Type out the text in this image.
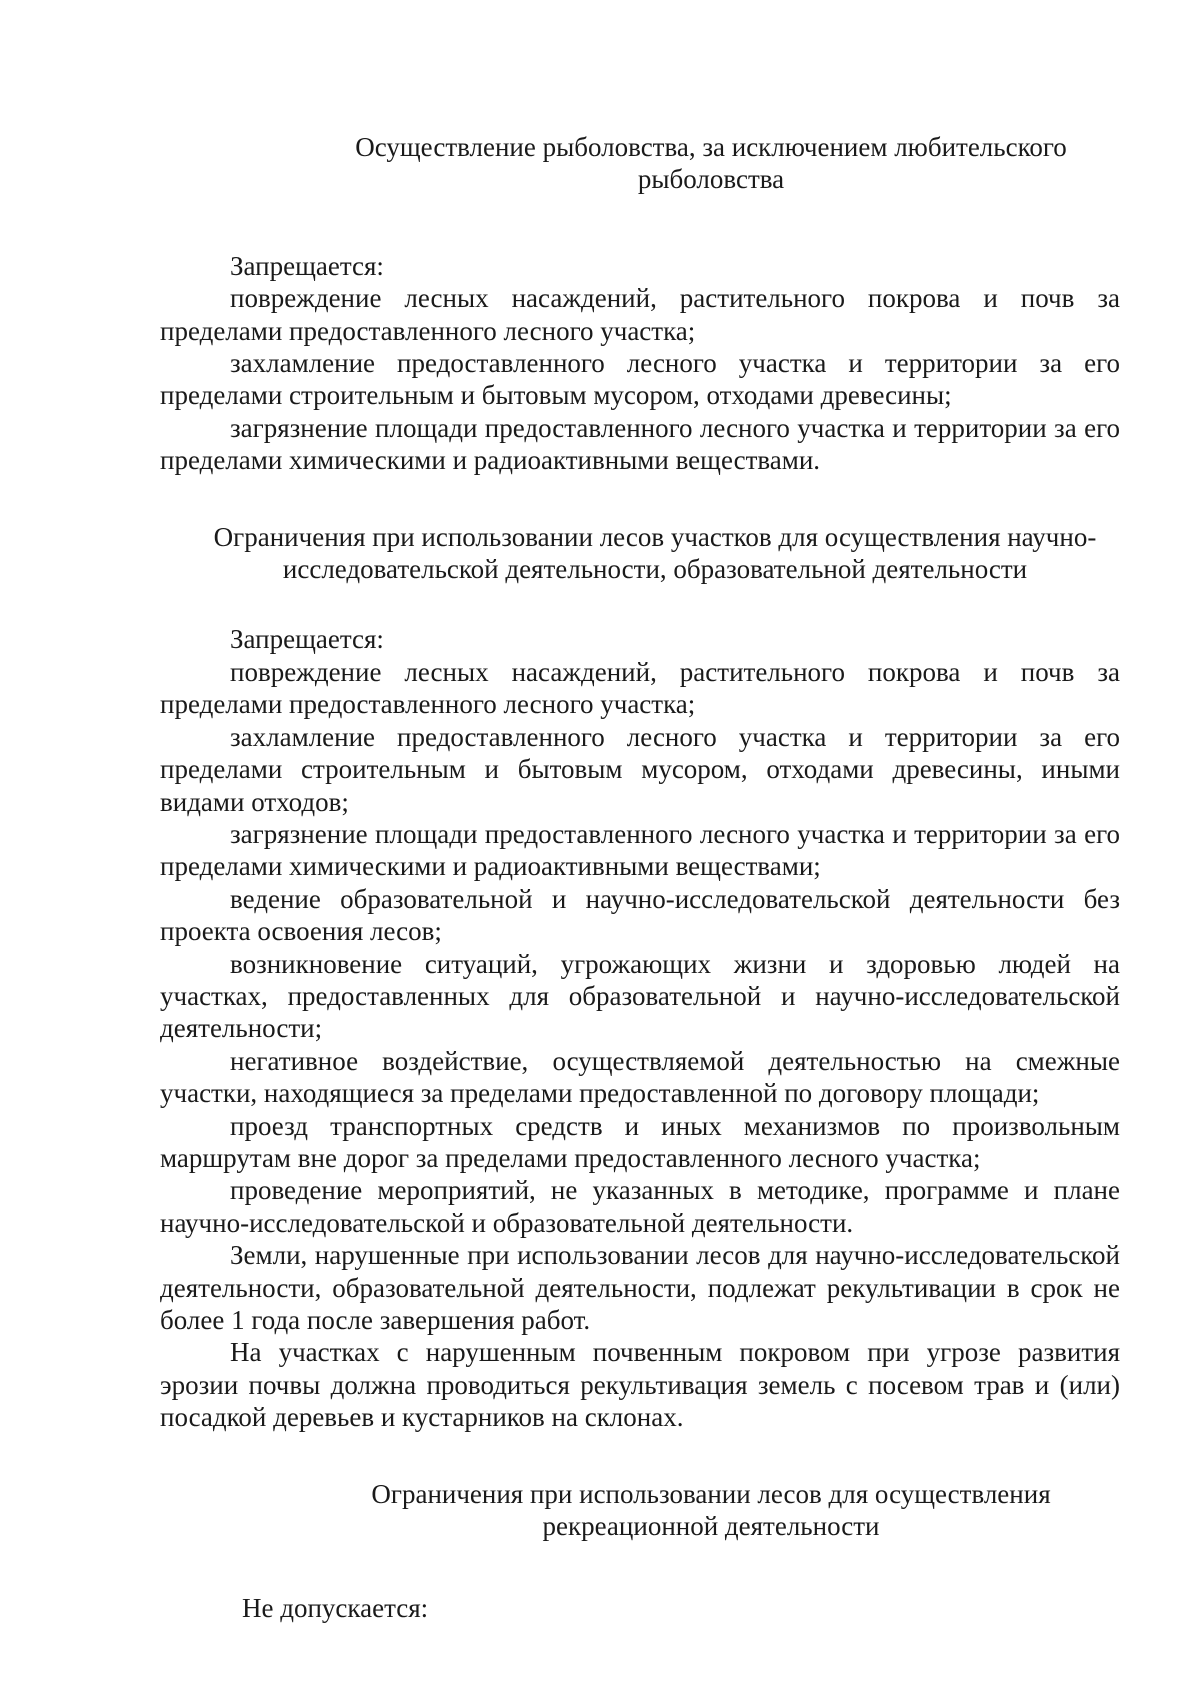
Осуществление рыболовства, за исключением любительского рыболовства

Запрещается:

повреждение лесных насаждений, растительного покрова и почв за пределами предоставленного лесного участка;

захламление предоставленного лесного участка и территории за его пределами строительным и бытовым мусором, отходами древесины;

загрязнение площади предоставленного лесного участка и территории за его пределами химическими и радиоактивными веществами.

Ограничения при использовании лесов участков для осуществления научно-исследовательской деятельности, образовательной деятельности

Запрещается:

повреждение лесных насаждений, растительного покрова и почв за пределами предоставленного лесного участка;

захламление предоставленного лесного участка и территории за его пределами строительным и бытовым мусором, отходами древесины, иными видами отходов;

загрязнение площади предоставленного лесного участка и территории за его пределами химическими и радиоактивными веществами;

ведение образовательной и научно-исследовательской деятельности без проекта освоения лесов;

возникновение ситуаций, угрожающих жизни и здоровью людей на участках, предоставленных для образовательной и научно-исследовательской деятельности;

негативное воздействие, осуществляемой деятельностью на смежные участки, находящиеся за пределами предоставленной по договору площади;

проезд транспортных средств и иных механизмов по произвольным маршрутам вне дорог за пределами предоставленного лесного участка;

проведение мероприятий, не указанных в методике, программе и плане научно-исследовательской и образовательной деятельности.

Земли, нарушенные при использовании лесов для научно-исследовательской деятельности, образовательной деятельности, подлежат рекультивации в срок не более 1 года после завершения работ.

На участках с нарушенным почвенным покровом при угрозе развития эрозии почвы должна проводиться рекультивация земель с посевом трав и (или) посадкой деревьев и кустарников на склонах.

Ограничения при использовании лесов для осуществления рекреационной деятельности

Не допускается:
